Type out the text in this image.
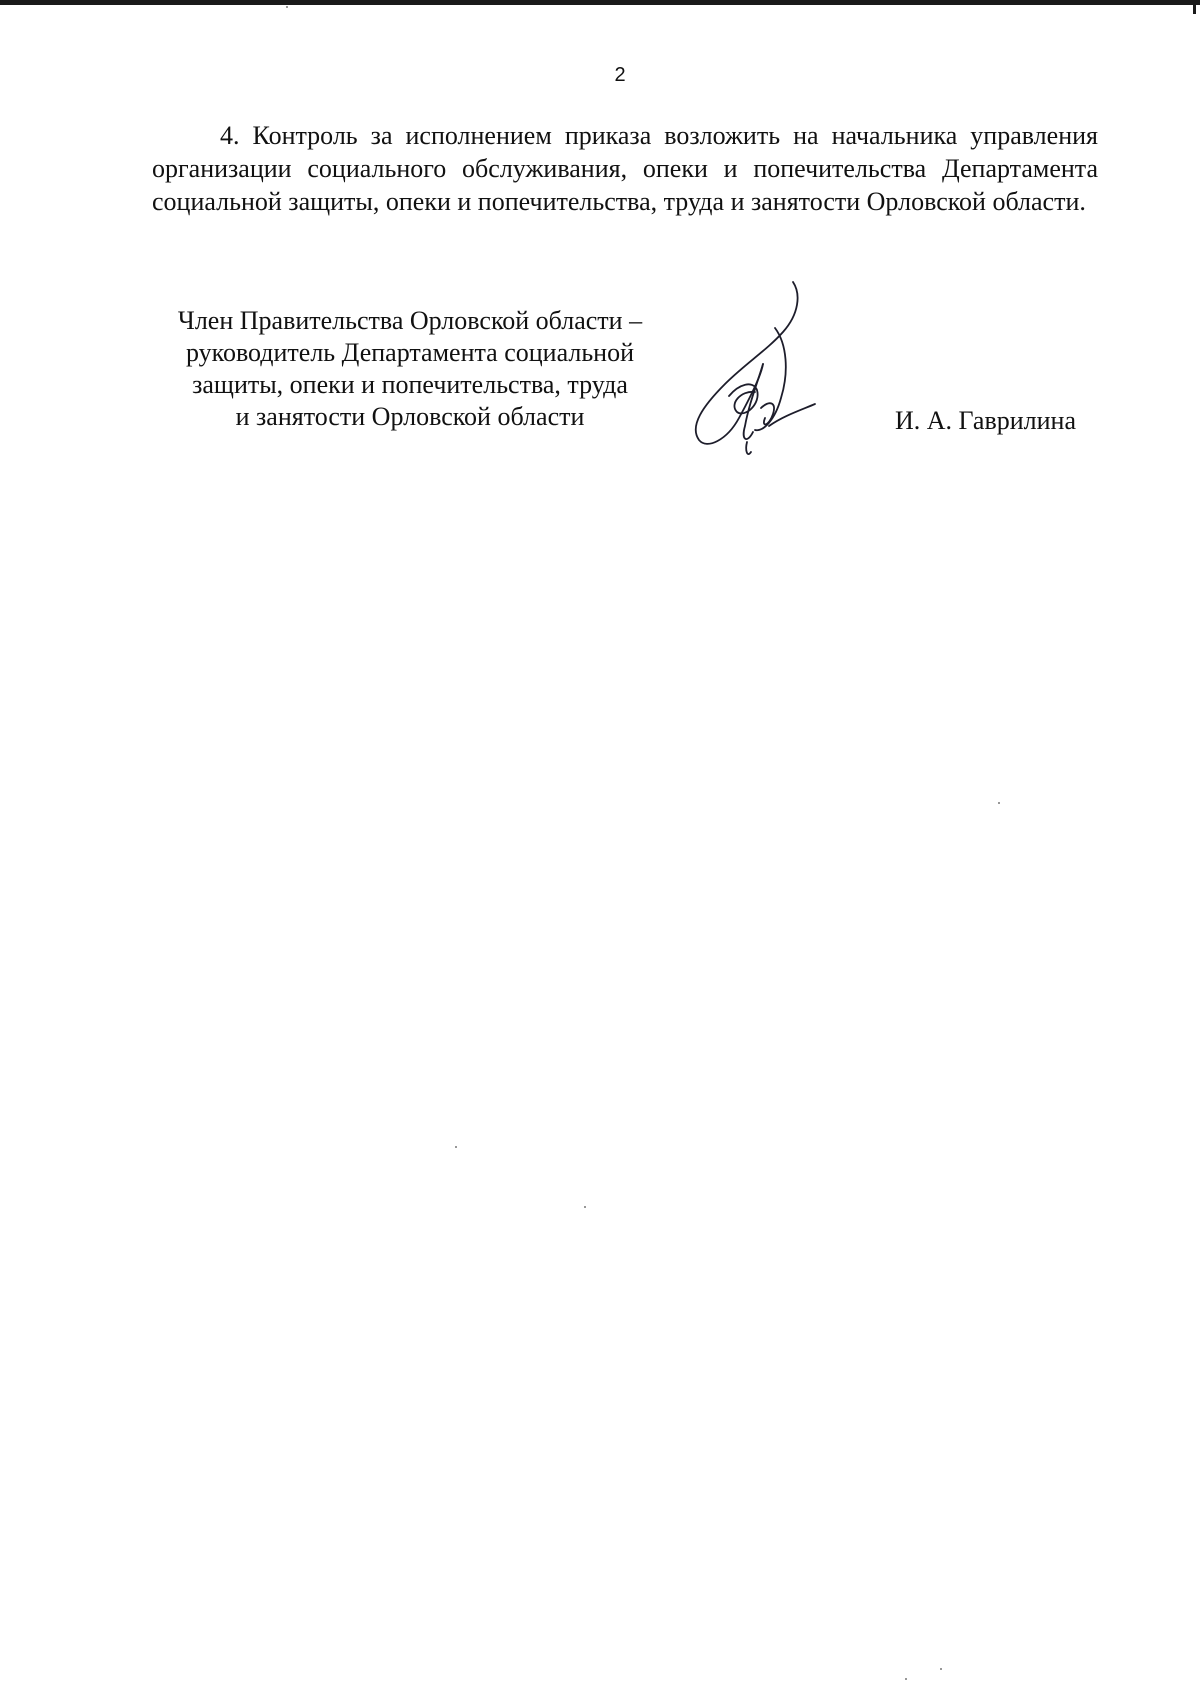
2

4. Контроль за исполнением приказа возложить на начальника управления организации социального обслуживания, опеки и попечительства Департамента социальной защиты, опеки и попечительства, труда и занятости Орловской области.

Член Правительства Орловской области –
руководитель Департамента социальной
защиты, опеки и попечительства, труда
и занятости Орловской области	И. А. Гаврилина
